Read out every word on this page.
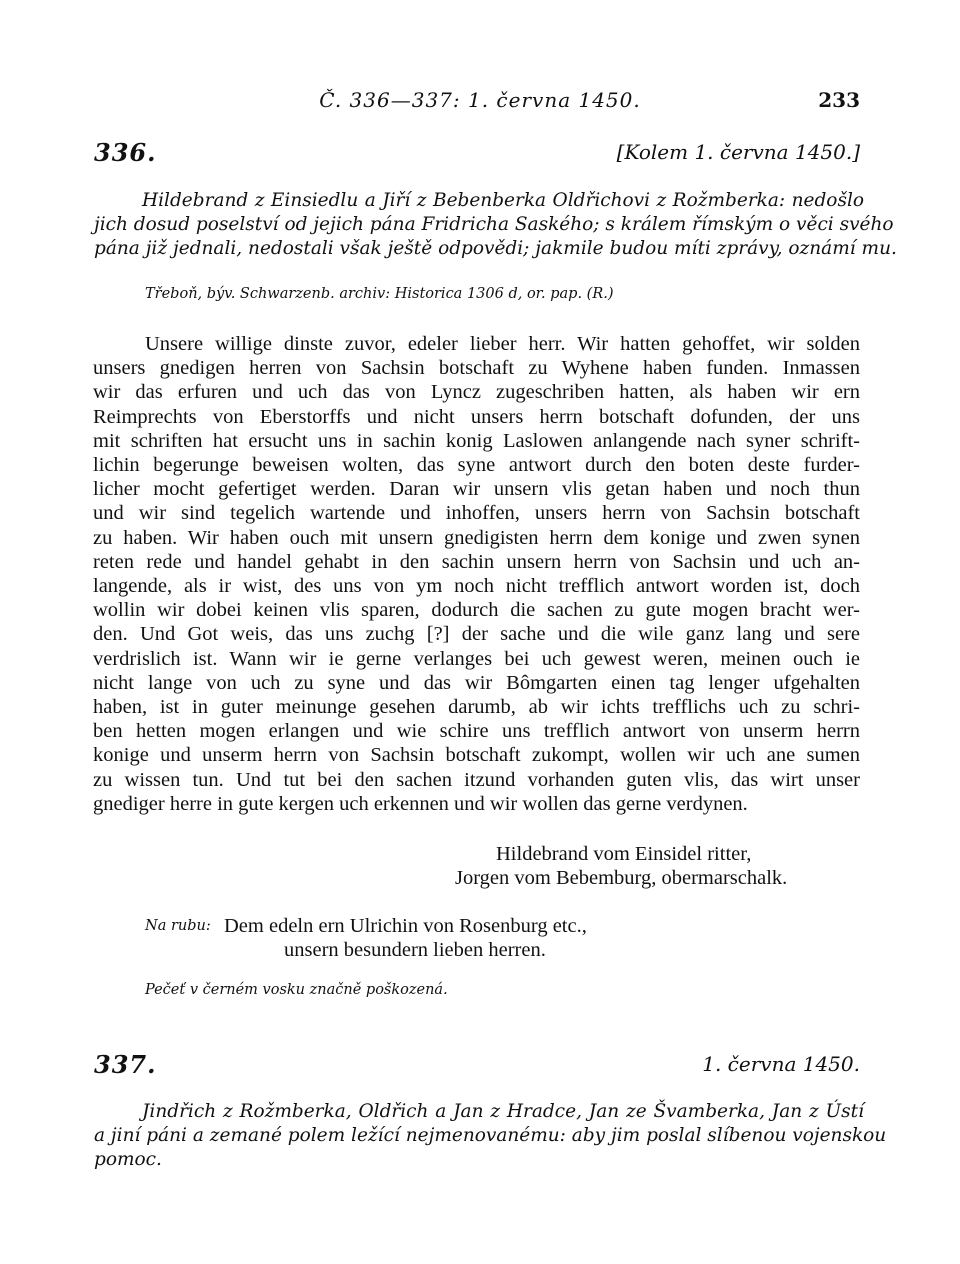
Č. 336—337: 1. června 1450.	233
336.	[Kolem 1. června 1450.]
Hildebrand z Einsiedlu a Jiří z Bebenberka Oldřichovi z Rožmberka: nedošlo
jich dosud poselství od jejich pána Fridricha Saského; s králem římským o věci svého
pána již jednali, nedostali však ještě odpovědi; jakmile budou míti zprávy, oznámí mu.
Třeboň, býv. Schwarzenb. archiv: Historica 1306 d, or. pap. (R.)
Unsere willige dinste zuvor, edeler lieber herr. Wir hatten gehoffet, wir solden
unsers gnedigen herren von Sachsin botschaft zu Wyhene haben funden. Inmassen
wir das erfuren und uch das von Lyncz zugeschriben hatten, als haben wir ern
Reimprechts von Eberstorffs und nicht unsers herrn botschaft dofunden, der uns
mit schriften hat ersucht uns in sachin konig Laslowen anlangende nach syner schrift-
lichin begerunge beweisen wolten, das syne antwort durch den boten deste furder-
licher mocht gefertiget werden. Daran wir unsern vlis getan haben und noch thun
und wir sind tegelich wartende und inhoffen, unsers herrn von Sachsin botschaft
zu haben. Wir haben ouch mit unsern gnedigisten herrn dem konige und zwen synen
reten rede und handel gehabt in den sachin unsern herrn von Sachsin und uch an-
langende, als ir wist, des uns von ym noch nicht trefflich antwort worden ist, doch
wollin wir dobei keinen vlis sparen, dodurch die sachen zu gute mogen bracht wer-
den. Und Got weis, das uns zuchg [?] der sache und die wile ganz lang und sere
verdrislich ist. Wann wir ie gerne verlanges bei uch gewest weren, meinen ouch ie
nicht lange von uch zu syne und das wir Bômgarten einen tag lenger ufgehalten
haben, ist in guter meinunge gesehen darumb, ab wir ichts trefflichs uch zu schri-
ben hetten mogen erlangen und wie schire uns trefflich antwort von unserm herrn
konige und unserm herrn von Sachsin botschaft zukompt, wollen wir uch ane sumen
zu wissen tun. Und tut bei den sachen itzund vorhanden guten vlis, das wirt unser
gnediger herre in gute kergen uch erkennen und wir wollen das gerne verdynen.
Hildebrand vom Einsidel ritter,
Jorgen vom Bebemburg, obermarschalk.
Na rubu: Dem edeln ern Ulrichin von Rosenburg etc.,
unsern besundern lieben herren.
Pečeť v černém vosku značně poškozená.
337.	1. června 1450.
Jindřich z Rožmberka, Oldřich a Jan z Hradce, Jan ze Švamberka, Jan z Ústí
a jiní páni a zemané polem ležící nejmenovanému: aby jim poslal slíbenou vojenskou
pomoc.
